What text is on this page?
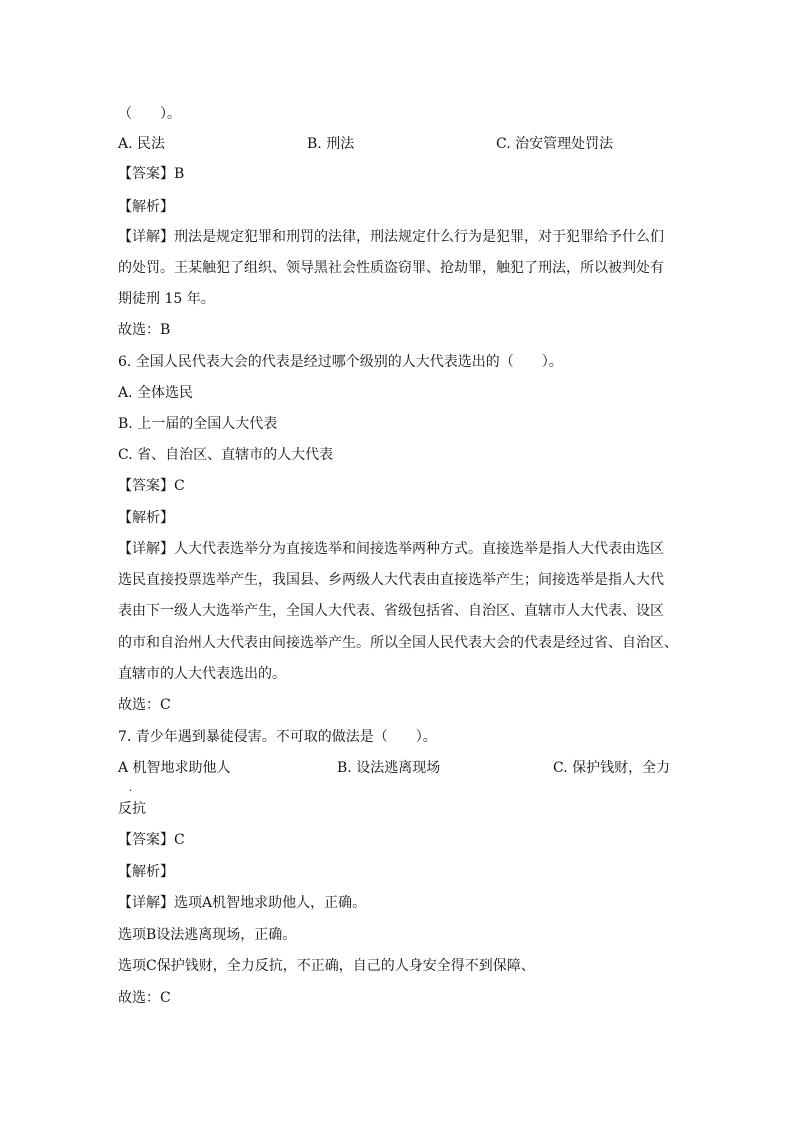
（　　）。
A. 民法	B. 刑法	C. 治安管理处罚法
【答案】B
【解析】
【详解】刑法是规定犯罪和刑罚的法律，刑法规定什么行为是犯罪，对于犯罪给予什么们
的处罚。王某触犯了组织、领导黑社会性质盗窃罪、抢劫罪，触犯了刑法，所以被判处有
期徒刑 15 年。
故选：B
6. 全国人民代表大会的代表是经过哪个级别的人大代表选出的（　　）。
A. 全体选民
B. 上一届的全国人大代表
C. 省、自治区、直辖市的人大代表
【答案】C
【解析】
【详解】人大代表选举分为直接选举和间接选举两种方式。直接选举是指人大代表由选区
选民直接投票选举产生，我国县、乡两级人大代表由直接选举产生；间接选举是指人大代
表由下一级人大选举产生，全国人大代表、省级包括省、自治区、直辖市人大代表、设区
的市和自治州人大代表由间接选举产生。所以全国人民代表大会的代表是经过省、自治区、
直辖市的人大代表选出的。
故选：C
7. 青少年遇到暴徒侵害。不可取的做法是（　　）。
A 机智地求助他人	B. 设法逃离现场	C. 保护钱财，全力
.
反抗
【答案】C
【解析】
【详解】选项A机智地求助他人，正确。
选项B设法逃离现场，正确。
选项C保护钱财，全力反抗，不正确，自己的人身安全得不到保障、
故选：C
